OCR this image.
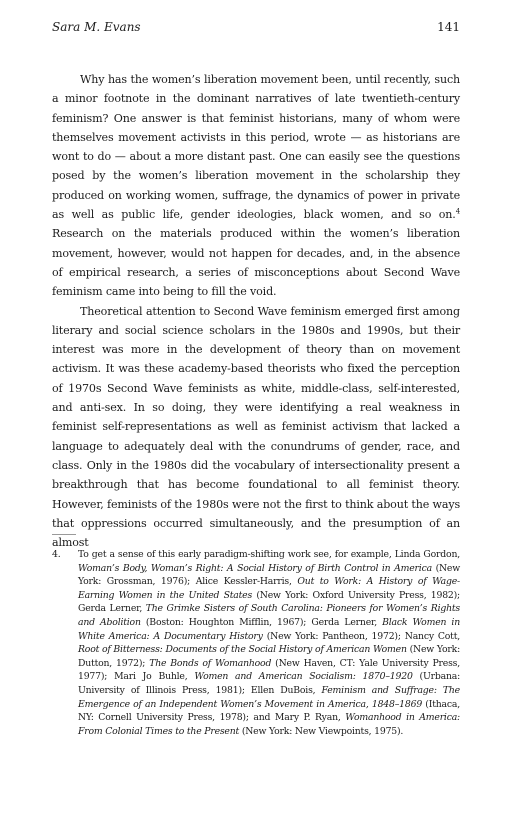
Sara M. Evans	141

Why has the women’s liberation movement been, until recently, such a minor footnote in the dominant narratives of late twentieth-century feminism? One answer is that feminist historians, many of whom were themselves movement activists in this period, wrote — as historians are wont to do — about a more distant past. One can easily see the questions posed by the women’s liberation movement in the scholarship they produced on working women, suffrage, the dynamics of power in private as well as public life, gender ideologies, black women, and so on.$^4$ Research on the materials produced within the women’s liberation movement, however, would not happen for decades, and, in the absence of empirical research, a series of misconceptions about Second Wave feminism came into being to fill the void.

Theoretical attention to Second Wave feminism emerged first among literary and social science scholars in the 1980s and 1990s, but their interest was more in the development of theory than on movement activism. It was these academy-based theorists who fixed the perception of 1970s Second Wave feminists as white, middle-class, self-interested, and anti-sex. In so doing, they were identifying a real weakness in feminist self-representations as well as feminist activism that lacked a language to adequately deal with the conundrums of gender, race, and class. Only in the 1980s did the vocabulary of intersectionality present a breakthrough that has become foundational to all feminist theory. However, feminists of the 1980s were not the first to think about the ways that oppressions occurred simultaneously, and the presumption of an almost

4. To get a sense of this early paradigm-shifting work see, for example, Linda Gordon, Woman’s Body, Woman’s Right: A Social History of Birth Control in America (New York: Grossman, 1976); Alice Kessler-Harris, Out to Work: A History of Wage-Earning Women in the United States (New York: Oxford University Press, 1982); Gerda Lerner, The Grimke Sisters of South Carolina: Pioneers for Women’s Rights and Abolition (Boston: Houghton Mifflin, 1967); Gerda Lerner, Black Women in White America: A Documentary History (New York: Pantheon, 1972); Nancy Cott, Root of Bitterness: Documents of the Social History of American Women (New York: Dutton, 1972); The Bonds of Womanhood (New Haven, CT: Yale University Press, 1977); Mari Jo Buhle, Women and American Socialism: 1870–1920 (Urbana: University of Illinois Press, 1981); Ellen DuBois, Feminism and Suffrage: The Emergence of an Independent Women’s Movement in America, 1848–1869 (Ithaca, NY: Cornell University Press, 1978); and Mary P. Ryan, Womanhood in America: From Colonial Times to the Present (New York: New Viewpoints, 1975).
